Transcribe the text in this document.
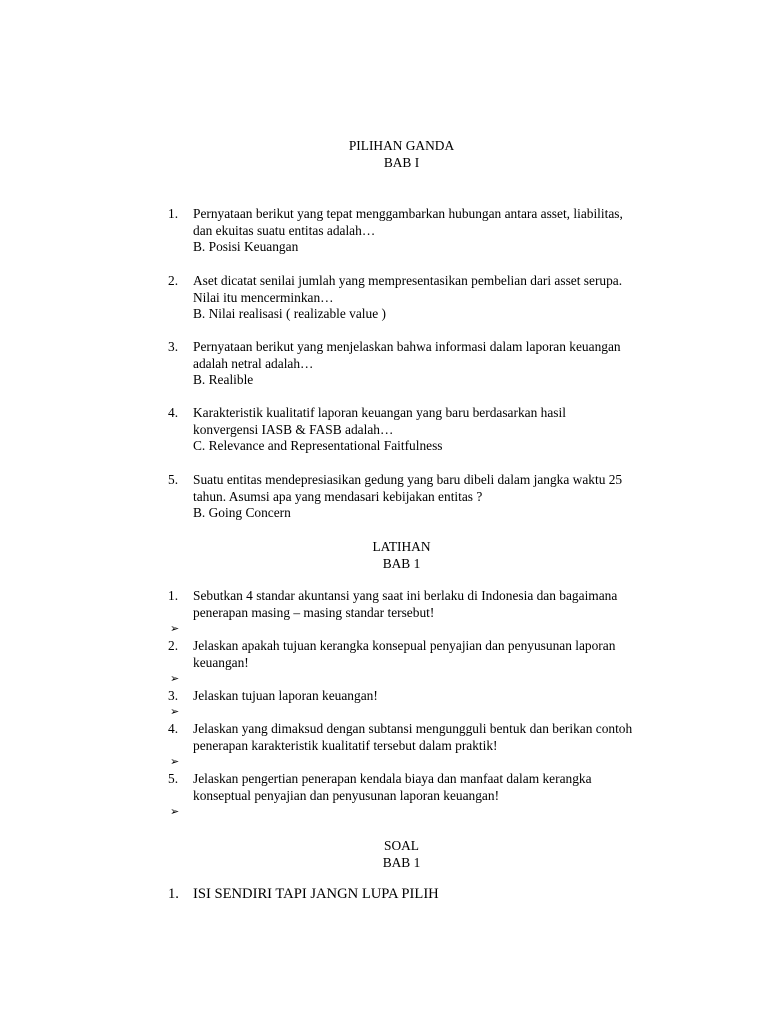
PILIHAN GANDA
BAB I
1. Pernyataan berikut yang tepat menggambarkan hubungan antara asset, liabilitas,
dan ekuitas suatu entitas adalah…
B. Posisi Keuangan
2. Aset dicatat senilai jumlah yang mempresentasikan pembelian dari asset serupa.
Nilai itu mencerminkan…
B. Nilai realisasi ( realizable value )
3. Pernyataan berikut yang menjelaskan bahwa informasi dalam laporan keuangan
adalah netral adalah…
B. Realible
4. Karakteristik kualitatif laporan keuangan yang baru berdasarkan hasil
konvergensi IASB & FASB adalah…
C. Relevance and Representational Faitfulness
5. Suatu entitas mendepresiasikan gedung yang baru dibeli dalam jangka waktu 25
tahun. Asumsi apa yang mendasari kebijakan entitas ?
B. Going Concern
LATIHAN
BAB 1
1. Sebutkan 4 standar akuntansi yang saat ini berlaku di Indonesia dan bagaimana
penerapan masing – masing standar tersebut!
➢
2. Jelaskan apakah tujuan kerangka konsepual penyajian dan penyusunan laporan
keuangan!
➢
3. Jelaskan tujuan laporan keuangan!
➢
4. Jelaskan yang dimaksud dengan subtansi mengungguli bentuk dan berikan contoh
penerapan karakteristik kualitatif tersebut dalam praktik!
➢
5. Jelaskan pengertian penerapan kendala biaya dan manfaat dalam kerangka
konseptual penyajian dan penyusunan laporan keuangan!
➢
SOAL
BAB 1
1. ISI SENDIRI TAPI JANGN LUPA PILIH
